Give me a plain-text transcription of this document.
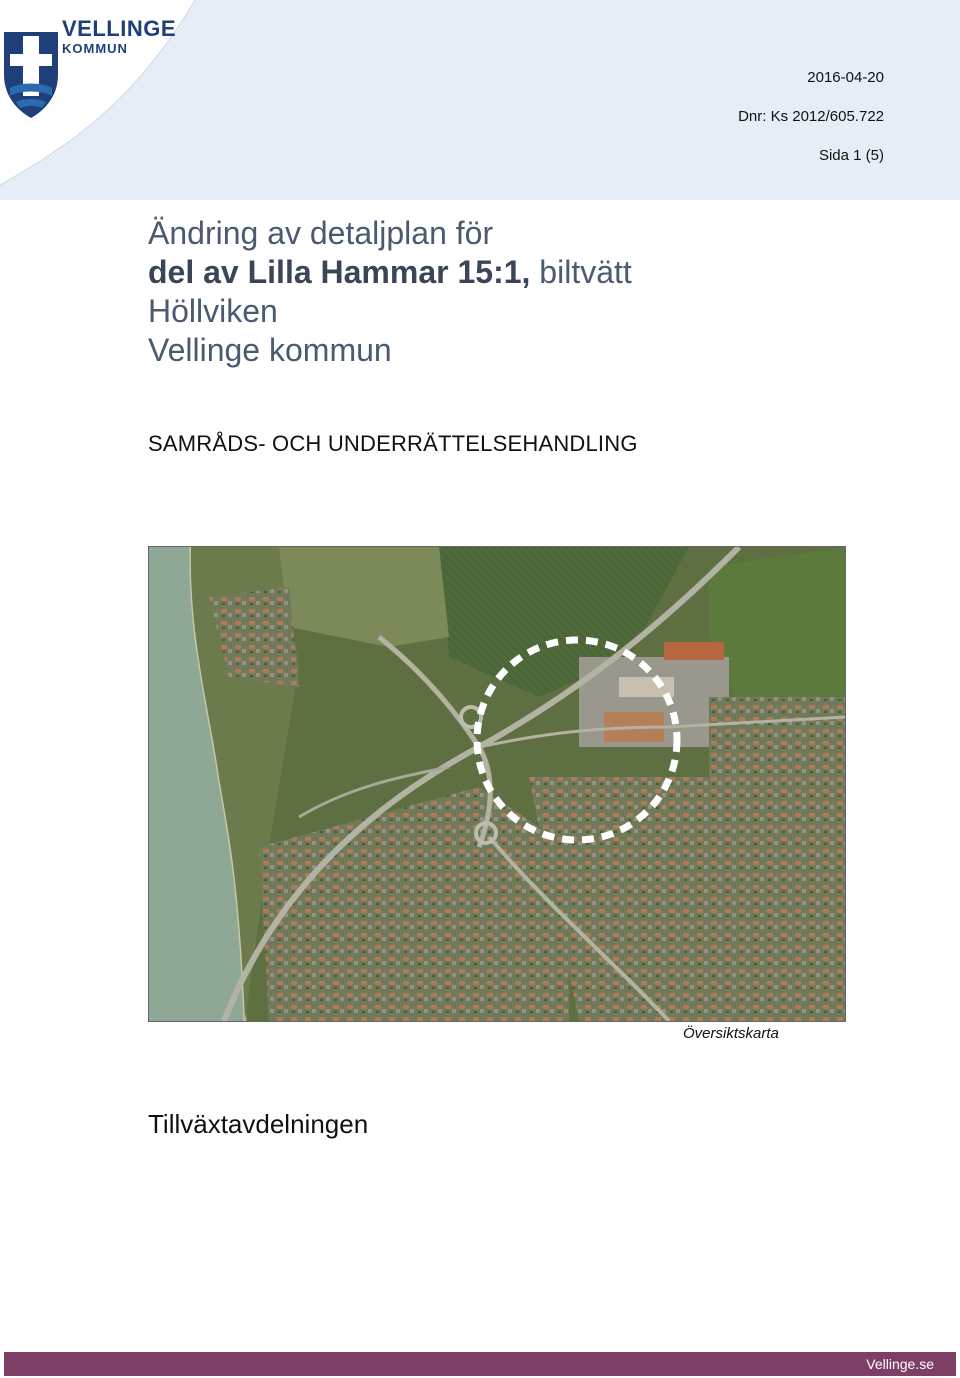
VELLINGE
KOMMUN
2016-04-20
Dnr: Ks 2012/605.722
Sida 1 (5)
Ändring av detaljplan för
del av Lilla Hammar 15:1, biltvätt
Höllviken
Vellinge kommun
SAMRÅDS- OCH UNDERRÄTTELSEHANDLING
Översiktskarta
Tillväxtavdelningen
Vellinge.se
